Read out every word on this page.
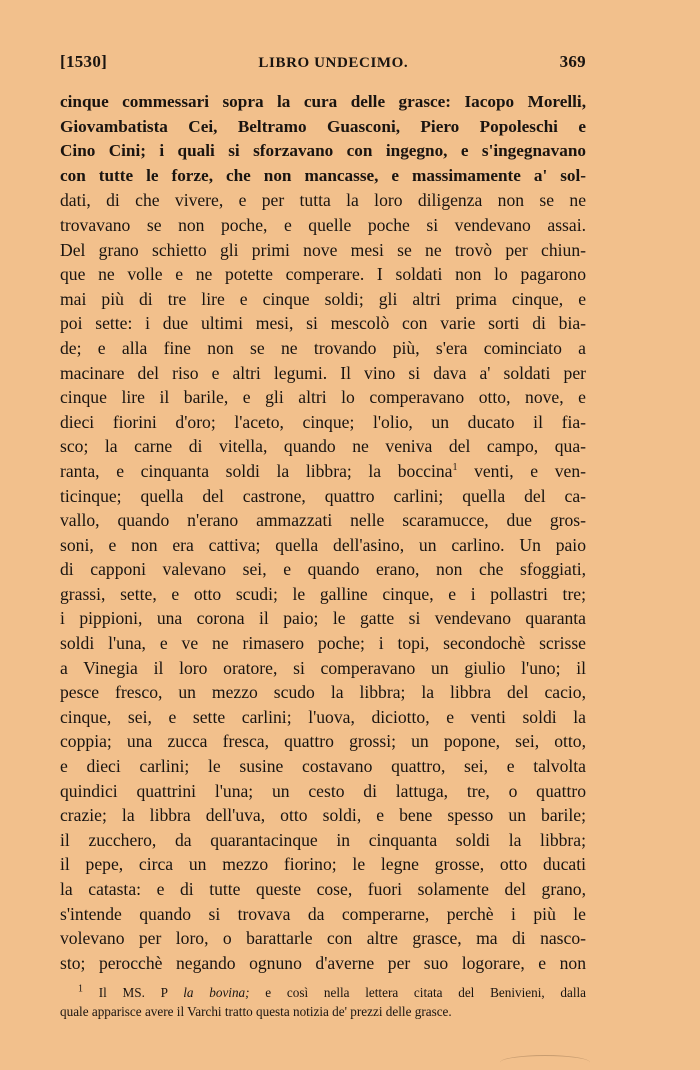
[1530]	LIBRO UNDECIMO.	369
cinque commessari sopra la cura delle grasce: Iacopo Morelli,
Giovambatista Cei, Beltramo Guasconi, Piero Popoleschi e
Cino Cini; i quali si sforzavano con ingegno, e s'ingegnavano
con tutte le forze, che non mancasse, e massimamente a' sol-
dati, di che vivere, e per tutta la loro diligenza non se ne
trovavano se non poche, e quelle poche si vendevano assai.
Del grano schietto gli primi nove mesi se ne trovò per chiun-
que ne volle e ne potette comperare. I soldati non lo pagarono
mai più di tre lire e cinque soldi; gli altri prima cinque, e
poi sette: i due ultimi mesi, si mescolò con varie sorti di bia-
de; e alla fine non se ne trovando più, s'era cominciato a
macinare del riso e altri legumi. Il vino si dava a' soldati per
cinque lire il barile, e gli altri lo comperavano otto, nove, e
dieci fiorini d'oro; l'aceto, cinque; l'olio, un ducato il fia-
sco; la carne di vitella, quando ne veniva del campo, qua-
ranta, e cinquanta soldi la libbra; la boccina$^1$ venti, e ven-
ticinque; quella del castrone, quattro carlini; quella del ca-
vallo, quando n'erano ammazzati nelle scaramucce, due gros-
soni, e non era cattiva; quella dell'asino, un carlino. Un paio
di capponi valevano sei, e quando erano, non che sfoggiati,
grassi, sette, e otto scudi; le galline cinque, e i pollastri tre;
i pippioni, una corona il paio; le gatte si vendevano quaranta
soldi l'una, e ve ne rimasero poche; i topi, secondochè scrisse
a Vinegia il loro oratore, si comperavano un giulio l'uno; il
pesce fresco, un mezzo scudo la libbra; la libbra del cacio,
cinque, sei, e sette carlini; l'uova, diciotto, e venti soldi la
coppia; una zucca fresca, quattro grossi; un popone, sei, otto,
e dieci carlini; le susine costavano quattro, sei, e talvolta
quindici quattrini l'una; un cesto di lattuga, tre, o quattro
crazie; la libbra dell'uva, otto soldi, e bene spesso un barile;
il zucchero, da quarantacinque in cinquanta soldi la libbra;
il pepe, circa un mezzo fiorino; le legne grosse, otto ducati
la catasta: e di tutte queste cose, fuori solamente del grano,
s'intende quando si trovava da comperarne, perchè i più le
volevano per loro, o barattarle con altre grasce, ma di nasco-
sto; perocchè negando ognuno d'averne per suo logorare, e non
$^1$ Il MS. P la bovina; e così nella lettera citata del Benivieni, dalla
quale apparisce avere il Varchi tratto questa notizia de' prezzi delle grasce.
